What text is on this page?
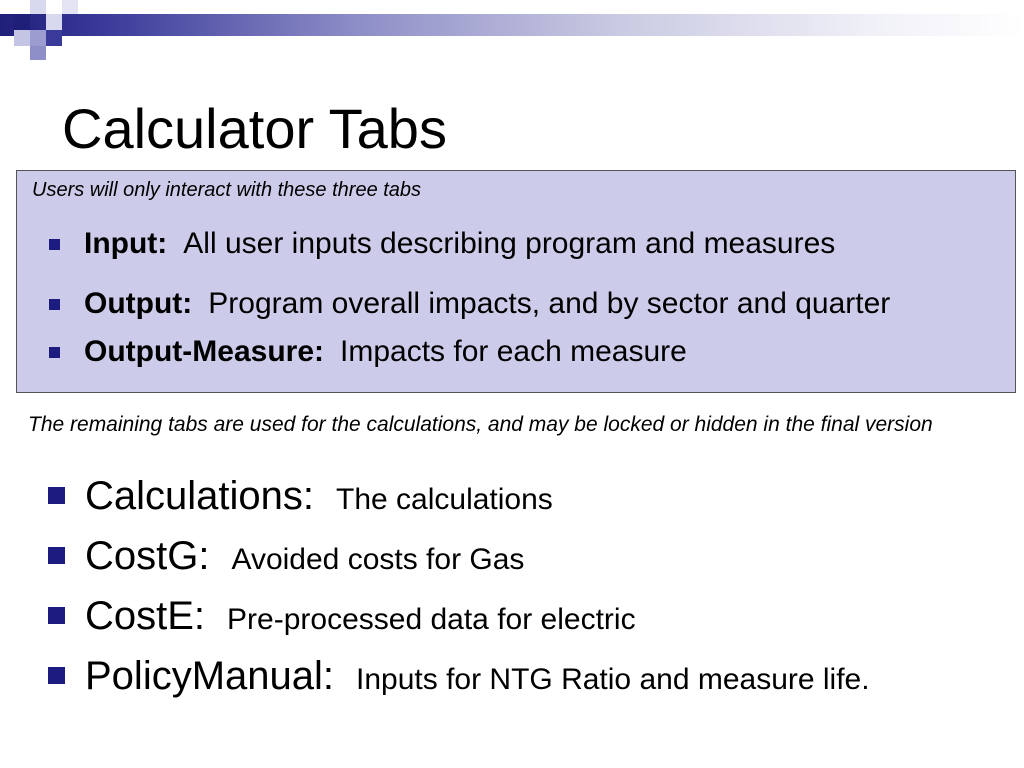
Calculator Tabs
Users will only interact with these three tabs
Input: All user inputs describing program and measures
Output: Program overall impacts, and by sector and quarter
Output-Measure: Impacts for each measure
The remaining tabs are used for the calculations, and may be locked or hidden in the final version
Calculations: The calculations
CostG: Avoided costs for Gas
CostE: Pre-processed data for electric
PolicyManual: Inputs for NTG Ratio and measure life.
